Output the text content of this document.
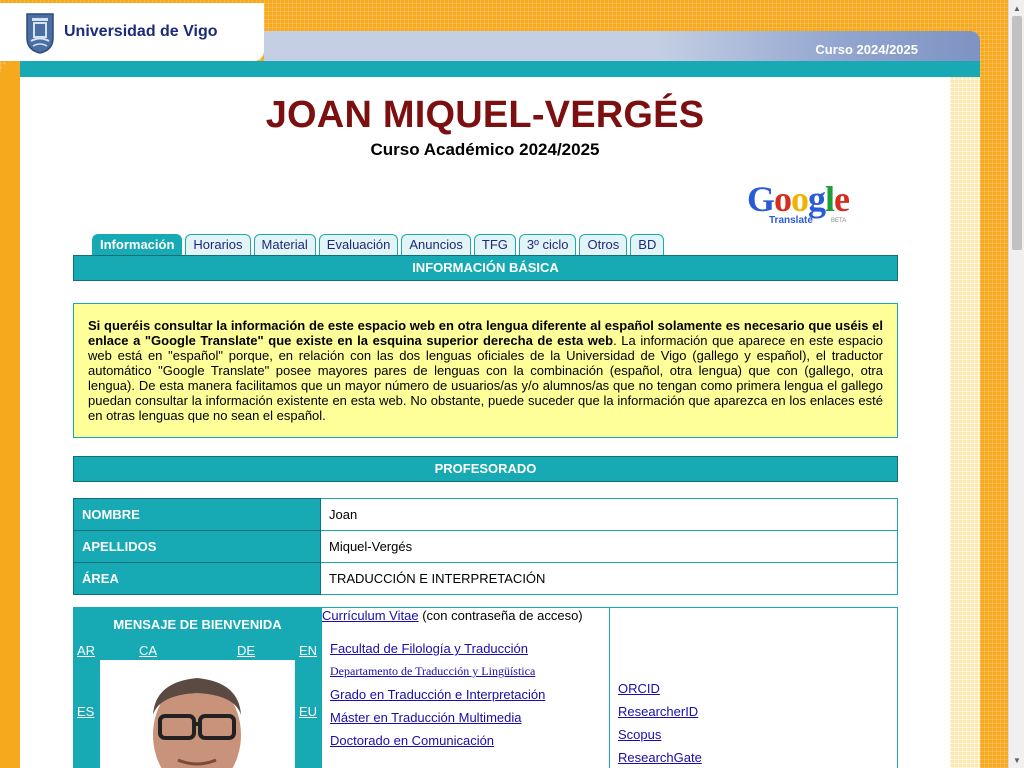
▲
▼
Curso 2024/2025
Universidad de Vigo
JOAN MIQUEL-VERGÉS
Curso Académico 2024/2025
Google
Translate	BETA
Información	Horarios	Material	Evaluación	Anuncios	TFG	3º ciclo	Otros	BD
INFORMACIÓN BÁSICA
Si queréis consultar la información de este espacio web en otra lengua diferente al español solamente es necesario que uséis el enlace a "Google Translate" que existe en la esquina superior derecha de esta web. La información que aparece en este espacio web está en "español" porque, en relación con las dos lenguas oficiales de la Universidad de Vigo (gallego y español), el traductor automático "Google Translate" posee mayores pares de lenguas con la combinación (español, otra lengua) que con (gallego, otra lengua). De esta manera facilitamos que un mayor número de usuarios/as y/o alumnos/as que no tengan como primera lengua el gallego puedan consultar la información existente en esta web. No obstante, puede suceder que la información que aparezca en los enlaces esté en otras lenguas que no sean el español.
PROFESORADO
NOMBRE	Joan
APELLIDOS	Miquel-Vergés
ÁREA	TRADUCCIÓN E INTERPRETACIÓN
MENSAJE DE BIENVENIDA
AR	CA	DE	EN
ES	EU
Facultad de Filología y Traducción
Departamento de Traducción y Lingüística
Grado en Traducción e Interpretación
Máster en Traducción Multimedia
Doctorado en Comunicación
Currículum Vitae (con contraseña de acceso)
ORCID
ResearcherID
Scopus
ResearchGate
